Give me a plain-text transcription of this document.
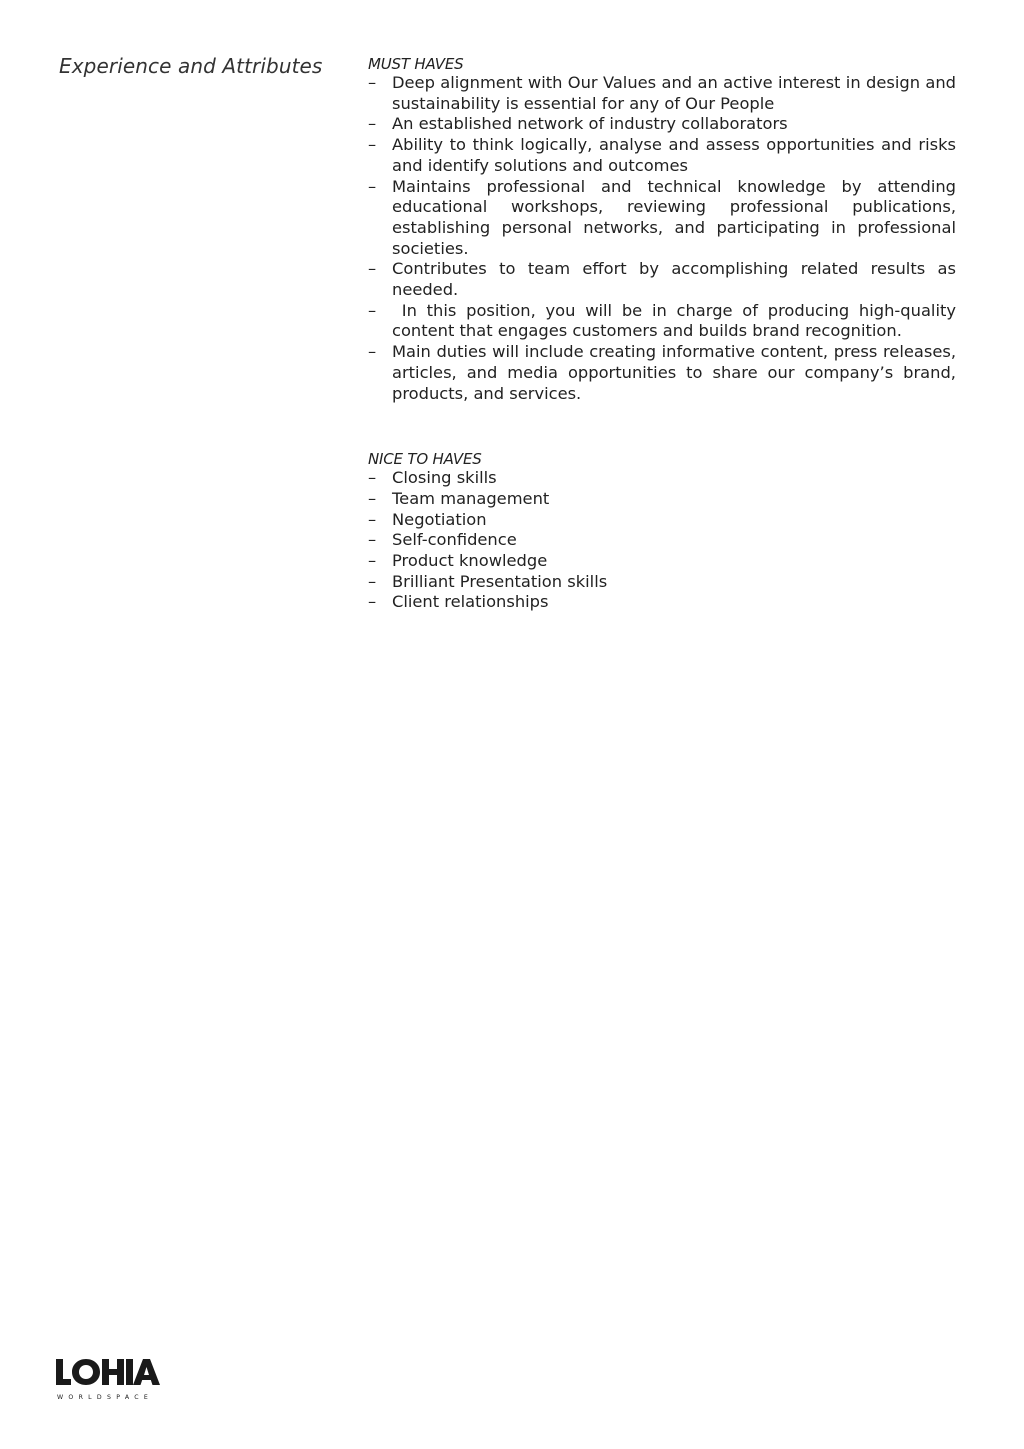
Experience and Attributes	MUST HAVES
– Deep alignment with Our Values and an active interest in design and sustainability is essential for any of Our People
– An established network of industry collaborators
– Ability to think logically, analyse and assess opportunities and risks and identify solutions and outcomes
– Maintains professional and technical knowledge by attending educational workshops, reviewing professional publications, establishing personal networks, and participating in professional societies.
– Contributes to team effort by accomplishing related results as needed.
– In this position, you will be in charge of producing high-quality content that engages customers and builds brand recognition.
– Main duties will include creating informative content, press releases, articles, and media opportunities to share our company’s brand, products, and services.
NICE TO HAVES
– Closing skills
– Team management
– Negotiation
– Self-confidence
– Product knowledge
– Brilliant Presentation skills
– Client relationships
WORLDSPACE
